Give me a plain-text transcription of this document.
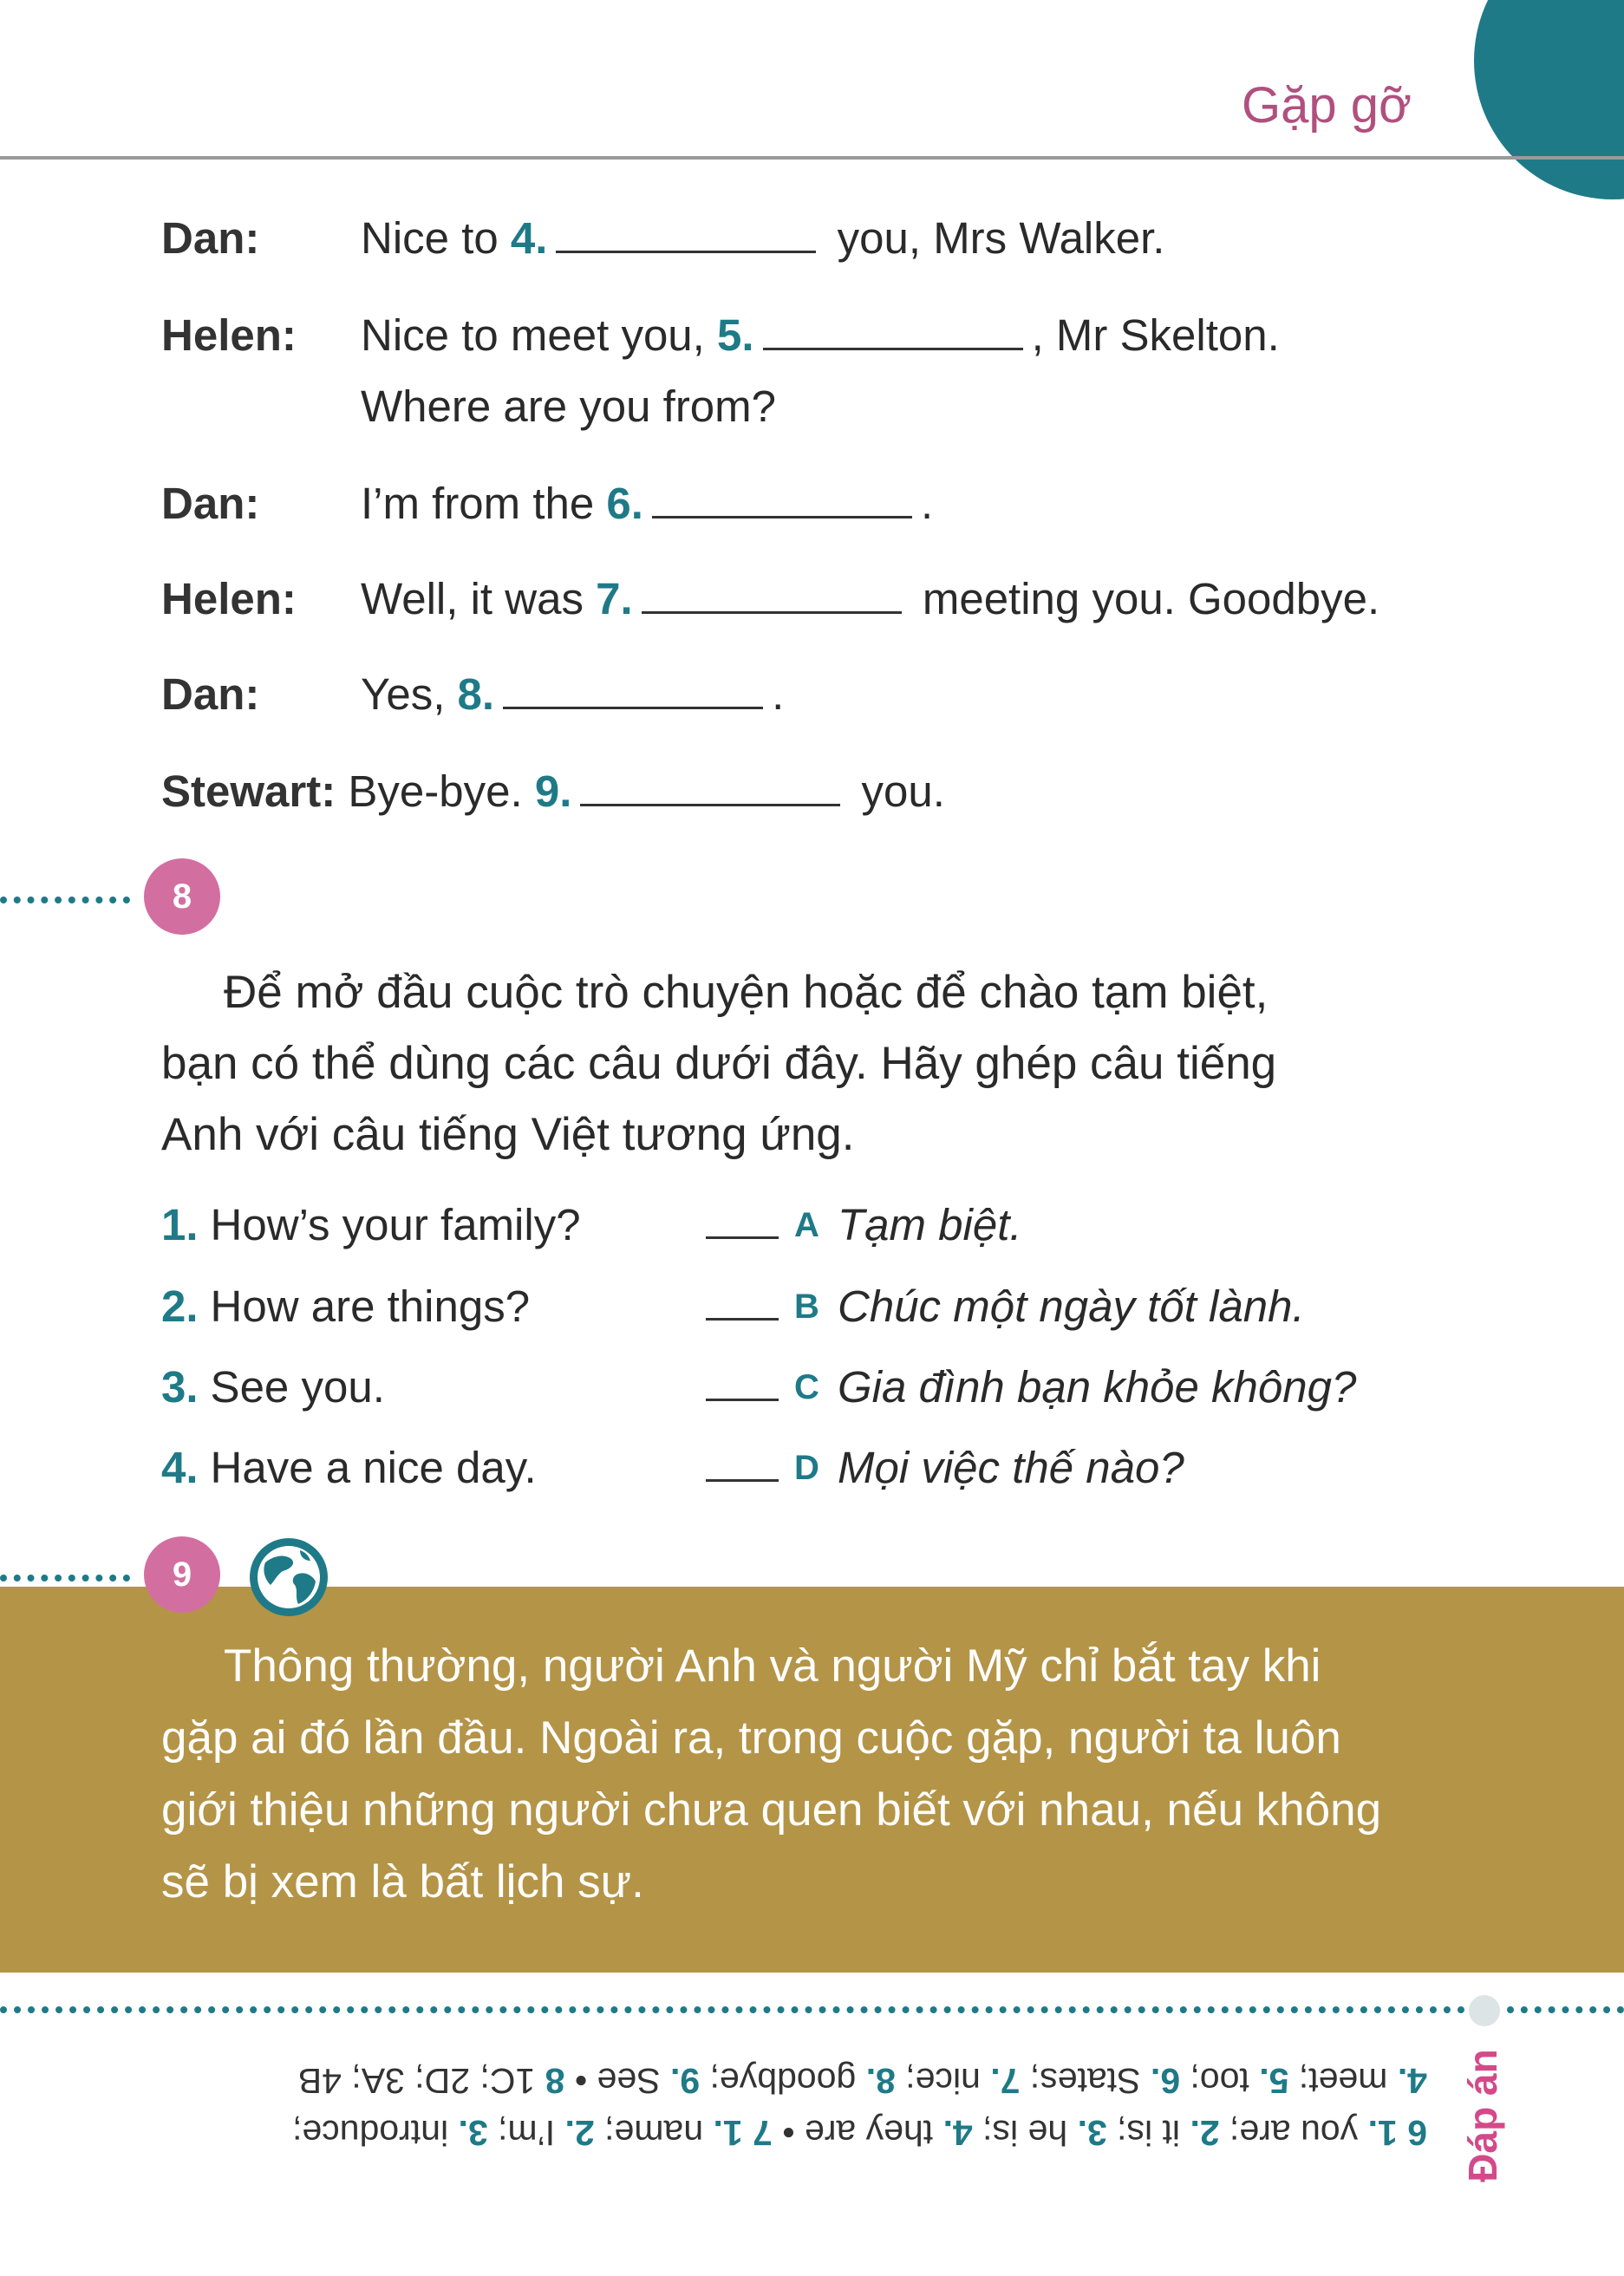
Gặp gỡ
Dan: Nice to 4.	you, Mrs Walker.
Helen: Nice to meet you, 5.	, Mr Skelton.
Where are you from?
Dan: I’m from the 6.	.
Helen: Well, it was 7.	meeting you. Goodbye.
Dan: Yes, 8.	.
Stewart: Bye-bye. 9.	you.
8
Để mở đầu cuộc trò chuyện hoặc để chào tạm biệt,
bạn có thể dùng các câu dưới đây. Hãy ghép câu tiếng
Anh với câu tiếng Việt tương ứng.
1. How’s your family?	A Tạm biệt.
2. How are things?	B Chúc một ngày tốt lành.
3. See you.	C Gia đình bạn khỏe không?
4. Have a nice day.	D Mọi việc thế nào?
Thông thường, người Anh và người Mỹ chỉ bắt tay khi
gặp ai đó lần đầu. Ngoài ra, trong cuộc gặp, người ta luôn
giới thiệu những người chưa quen biết với nhau, nếu không
sẽ bị xem là bất lịch sự.
9
6 1. you are; 2. it is; 3. he is; 4. they are • 7 1. name; 2. I’m; 3. introduce;
4. meet; 5. too; 6. States; 7. nice; 8. goodbye; 9. See • 8 1C; 2D; 3A; 4B	Đáp án
